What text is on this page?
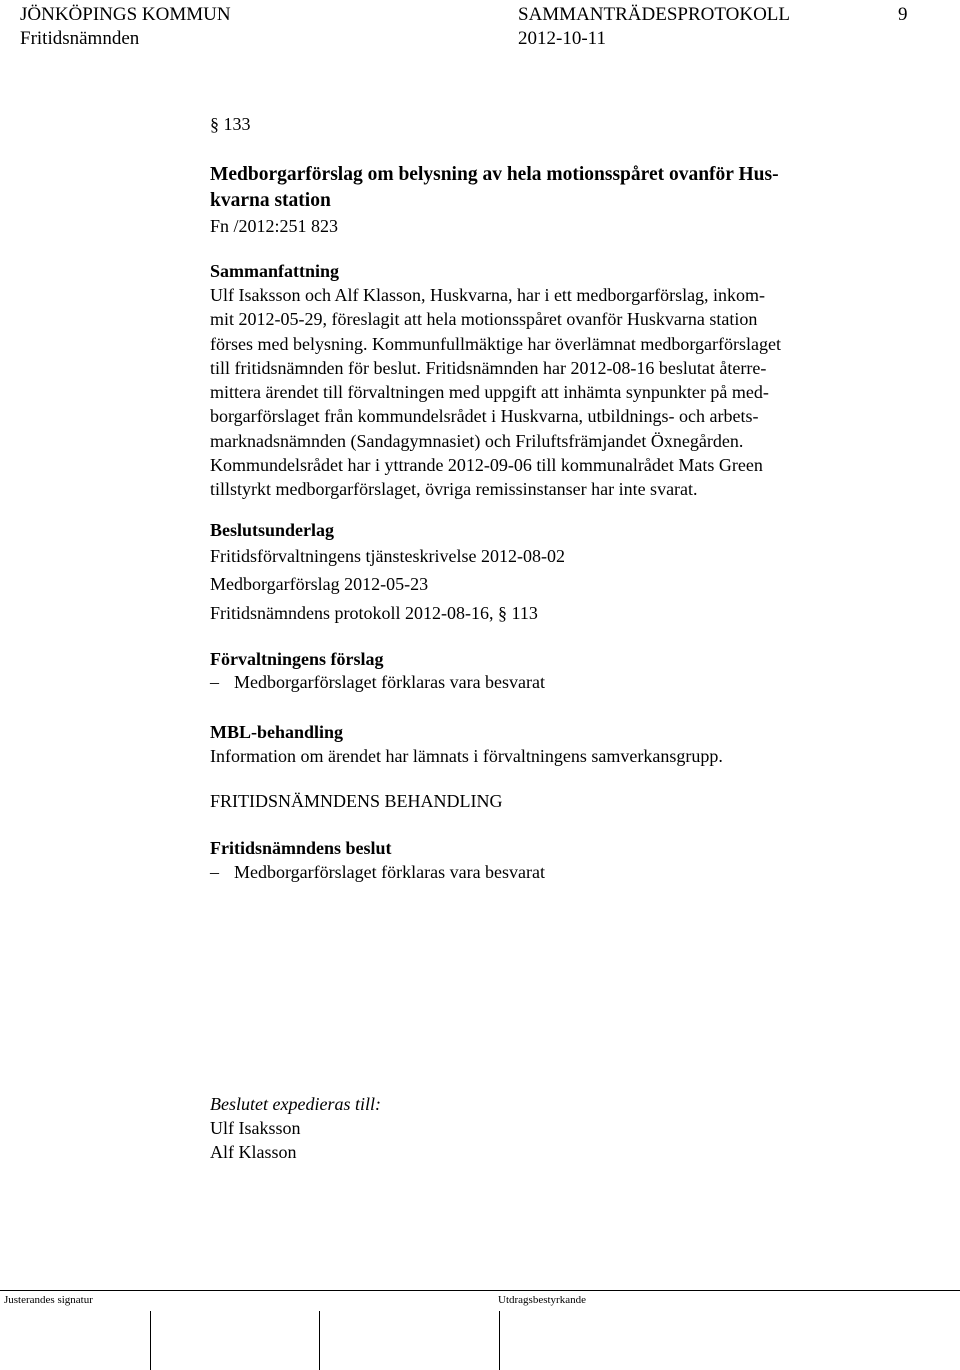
JÖNKÖPINGS KOMMUN	SAMMANTRÄDESPROTOKOLL	9
Fritidsnämnden	2012-10-11
§ 133
Medborgarförslag om belysning av hela motionsspåret ovanför Hus-
kvarna station
Fn /2012:251 823
Sammanfattning
Ulf Isaksson och Alf Klasson, Huskvarna, har i ett medborgarförslag, inkom-
mit 2012-05-29, föreslagit att hela motionsspåret ovanför Huskvarna station
förses med belysning. Kommunfullmäktige har överlämnat medborgarförslaget
till fritidsnämnden för beslut. Fritidsnämnden har 2012-08-16 beslutat återre-
mittera ärendet till förvaltningen med uppgift att inhämta synpunkter på med-
borgarförslaget från kommundelsrådet i Huskvarna, utbildnings- och arbets-
marknadsnämnden (Sandagymnasiet) och Friluftsfrämjandet Öxnegården.
Kommundelsrådet har i yttrande 2012-09-06 till kommunalrådet Mats Green
tillstyrkt medborgarförslaget, övriga remissinstanser har inte svarat.
Beslutsunderlag
Fritidsförvaltningens tjänsteskrivelse 2012-08-02
Medborgarförslag 2012-05-23
Fritidsnämndens protokoll 2012-08-16, § 113
Förvaltningens förslag
– Medborgarförslaget förklaras vara besvarat
MBL-behandling
Information om ärendet har lämnats i förvaltningens samverkansgrupp.
FRITIDSNÄMNDENS BEHANDLING
Fritidsnämndens beslut
– Medborgarförslaget förklaras vara besvarat
Beslutet expedieras till:
Ulf Isaksson
Alf Klasson
Justerandes signatur	Utdragsbestyrkande
